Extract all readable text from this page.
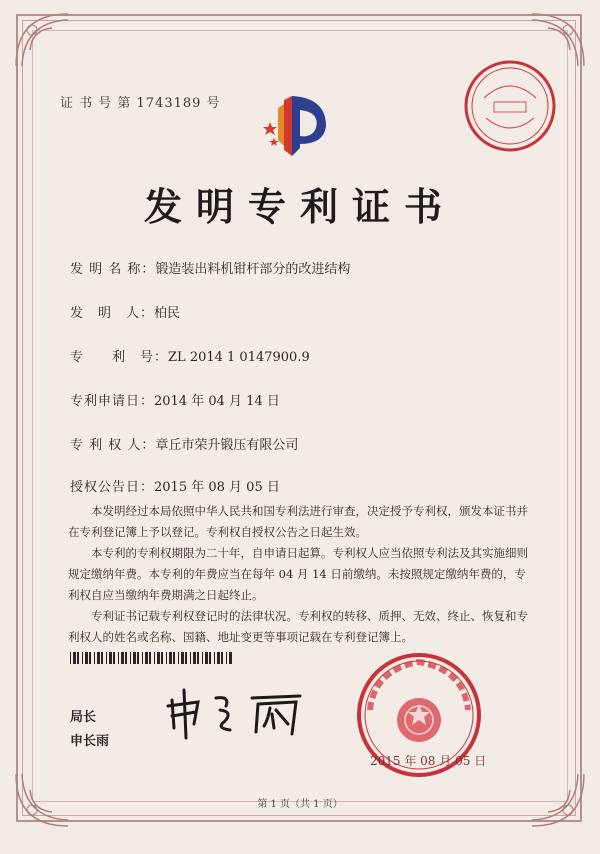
证 书 号 第 1743189 号
发明专利证书
发 明 名 称：锻造装出料机钳杆部分的改进结构
发　明　人：柏民
专　　利　号：ZL 2014 1 0147900.9
专利申请日：2014 年 04 月 14 日
专 利 权 人：章丘市荣升锻压有限公司
授权公告日：2015 年 08 月 05 日

本发明经过本局依照中华人民共和国专利法进行审查，决定授予专利权，颁发本证书并在专利登记簿上予以登记。专利权自授权公告之日起生效。

本专利的专利权期限为二十年，自申请日起算。专利权人应当依照专利法及其实施细则规定缴纳年费。本专利的年费应当在每年 04 月 14 日前缴纳。未按照规定缴纳年费的，专利权自应当缴纳年费期满之日起终止。

专利证书记载专利权登记时的法律状况。专利权的转移、质押、无效、终止、恢复和专利权人的姓名或名称、国籍、地址变更等事项记载在专利登记簿上。

局长
申长雨
2015 年 08 月 05 日
第 1 页（共 1 页）
